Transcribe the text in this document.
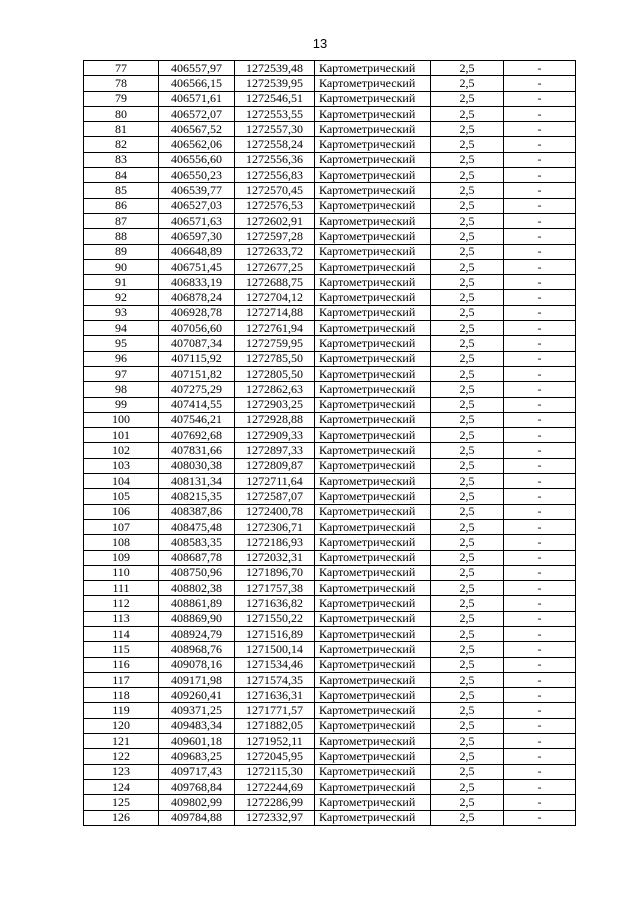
13
77	406557,97	1272539,48	Картометрический	2,5	-
78	406566,15	1272539,95	Картометрический	2,5	-
79	406571,61	1272546,51	Картометрический	2,5	-
80	406572,07	1272553,55	Картометрический	2,5	-
81	406567,52	1272557,30	Картометрический	2,5	-
82	406562,06	1272558,24	Картометрический	2,5	-
83	406556,60	1272556,36	Картометрический	2,5	-
84	406550,23	1272556,83	Картометрический	2,5	-
85	406539,77	1272570,45	Картометрический	2,5	-
86	406527,03	1272576,53	Картометрический	2,5	-
87	406571,63	1272602,91	Картометрический	2,5	-
88	406597,30	1272597,28	Картометрический	2,5	-
89	406648,89	1272633,72	Картометрический	2,5	-
90	406751,45	1272677,25	Картометрический	2,5	-
91	406833,19	1272688,75	Картометрический	2,5	-
92	406878,24	1272704,12	Картометрический	2,5	-
93	406928,78	1272714,88	Картометрический	2,5	-
94	407056,60	1272761,94	Картометрический	2,5	-
95	407087,34	1272759,95	Картометрический	2,5	-
96	407115,92	1272785,50	Картометрический	2,5	-
97	407151,82	1272805,50	Картометрический	2,5	-
98	407275,29	1272862,63	Картометрический	2,5	-
99	407414,55	1272903,25	Картометрический	2,5	-
100	407546,21	1272928,88	Картометрический	2,5	-
101	407692,68	1272909,33	Картометрический	2,5	-
102	407831,66	1272897,33	Картометрический	2,5	-
103	408030,38	1272809,87	Картометрический	2,5	-
104	408131,34	1272711,64	Картометрический	2,5	-
105	408215,35	1272587,07	Картометрический	2,5	-
106	408387,86	1272400,78	Картометрический	2,5	-
107	408475,48	1272306,71	Картометрический	2,5	-
108	408583,35	1272186,93	Картометрический	2,5	-
109	408687,78	1272032,31	Картометрический	2,5	-
110	408750,96	1271896,70	Картометрический	2,5	-
111	408802,38	1271757,38	Картометрический	2,5	-
112	408861,89	1271636,82	Картометрический	2,5	-
113	408869,90	1271550,22	Картометрический	2,5	-
114	408924,79	1271516,89	Картометрический	2,5	-
115	408968,76	1271500,14	Картометрический	2,5	-
116	409078,16	1271534,46	Картометрический	2,5	-
117	409171,98	1271574,35	Картометрический	2,5	-
118	409260,41	1271636,31	Картометрический	2,5	-
119	409371,25	1271771,57	Картометрический	2,5	-
120	409483,34	1271882,05	Картометрический	2,5	-
121	409601,18	1271952,11	Картометрический	2,5	-
122	409683,25	1272045,95	Картометрический	2,5	-
123	409717,43	1272115,30	Картометрический	2,5	-
124	409768,84	1272244,69	Картометрический	2,5	-
125	409802,99	1272286,99	Картометрический	2,5	-
126	409784,88	1272332,97	Картометрический	2,5	-
